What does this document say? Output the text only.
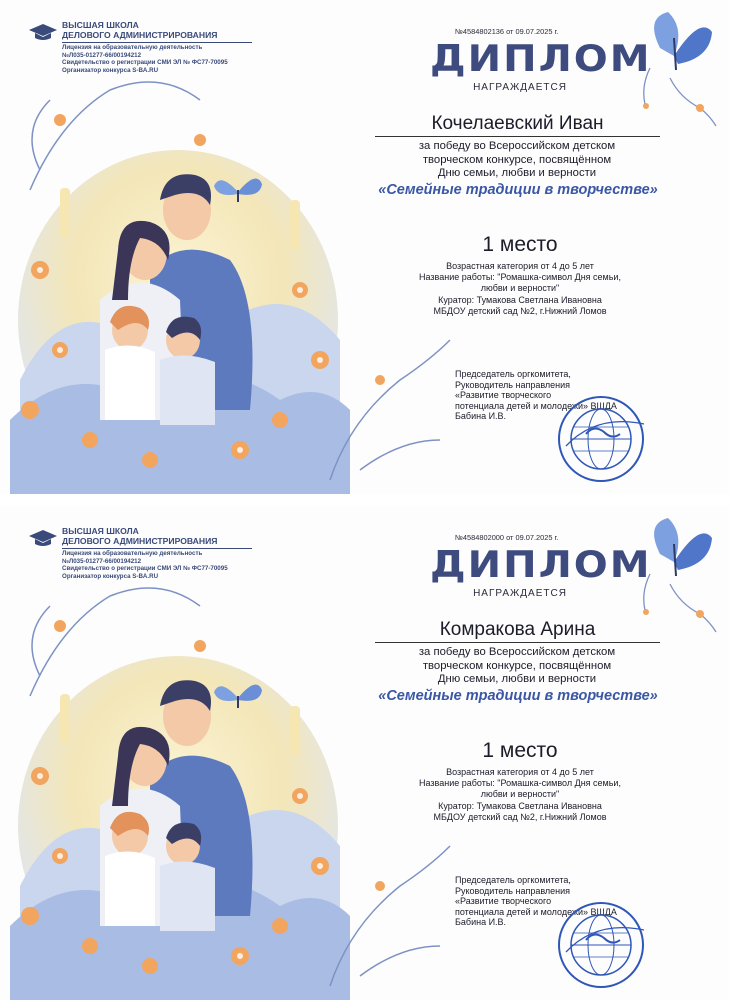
ВЫСШАЯ ШКОЛА
ДЕЛОВОГО АДМИНИСТРИРОВАНИЯ
Лицензия на образовательную деятельность
№Л035-01277-66/00194212
Свидетельство о регистрации СМИ ЭЛ № ФС77-70095
Организатор конкурса S-BA.RU
№4584802136 от 09.07.2025 г.
ДИПЛОМ
НАГРАЖДАЕТСЯ
Кочелаевский Иван
за победу во Всероссийском детском
творческом конкурсе, посвящённом
Дню семьи, любви и верности
«Семейные традиции в творчестве»
1 место
Возрастная категория от 4 до 5 лет
Название работы: "Ромашка-символ Дня семьи,
любви и верности"
Куратор: Тумакова Светлана Ивановна
МБДОУ детский сад №2, г.Нижний Ломов
Председатель оргкомитета,
Руководитель направления
«Развитие творческого
потенциала детей и молодежи» ВШДА
Бабина И.В.
ВЫСШАЯ ШКОЛА
ДЕЛОВОГО АДМИНИСТРИРОВАНИЯ
Лицензия на образовательную деятельность
№Л035-01277-66/00194212
Свидетельство о регистрации СМИ ЭЛ № ФС77-70095
Организатор конкурса S-BA.RU
№4584802000 от 09.07.2025 г.
ДИПЛОМ
НАГРАЖДАЕТСЯ
Комракова Арина
за победу во Всероссийском детском
творческом конкурсе, посвящённом
Дню семьи, любви и верности
«Семейные традиции в творчестве»
1 место
Возрастная категория от 4 до 5 лет
Название работы: "Ромашка-символ Дня семьи,
любви и верности"
Куратор: Тумакова Светлана Ивановна
МБДОУ детский сад №2, г.Нижний Ломов
Председатель оргкомитета,
Руководитель направления
«Развитие творческого
потенциала детей и молодежи» ВШДА
Бабина И.В.
